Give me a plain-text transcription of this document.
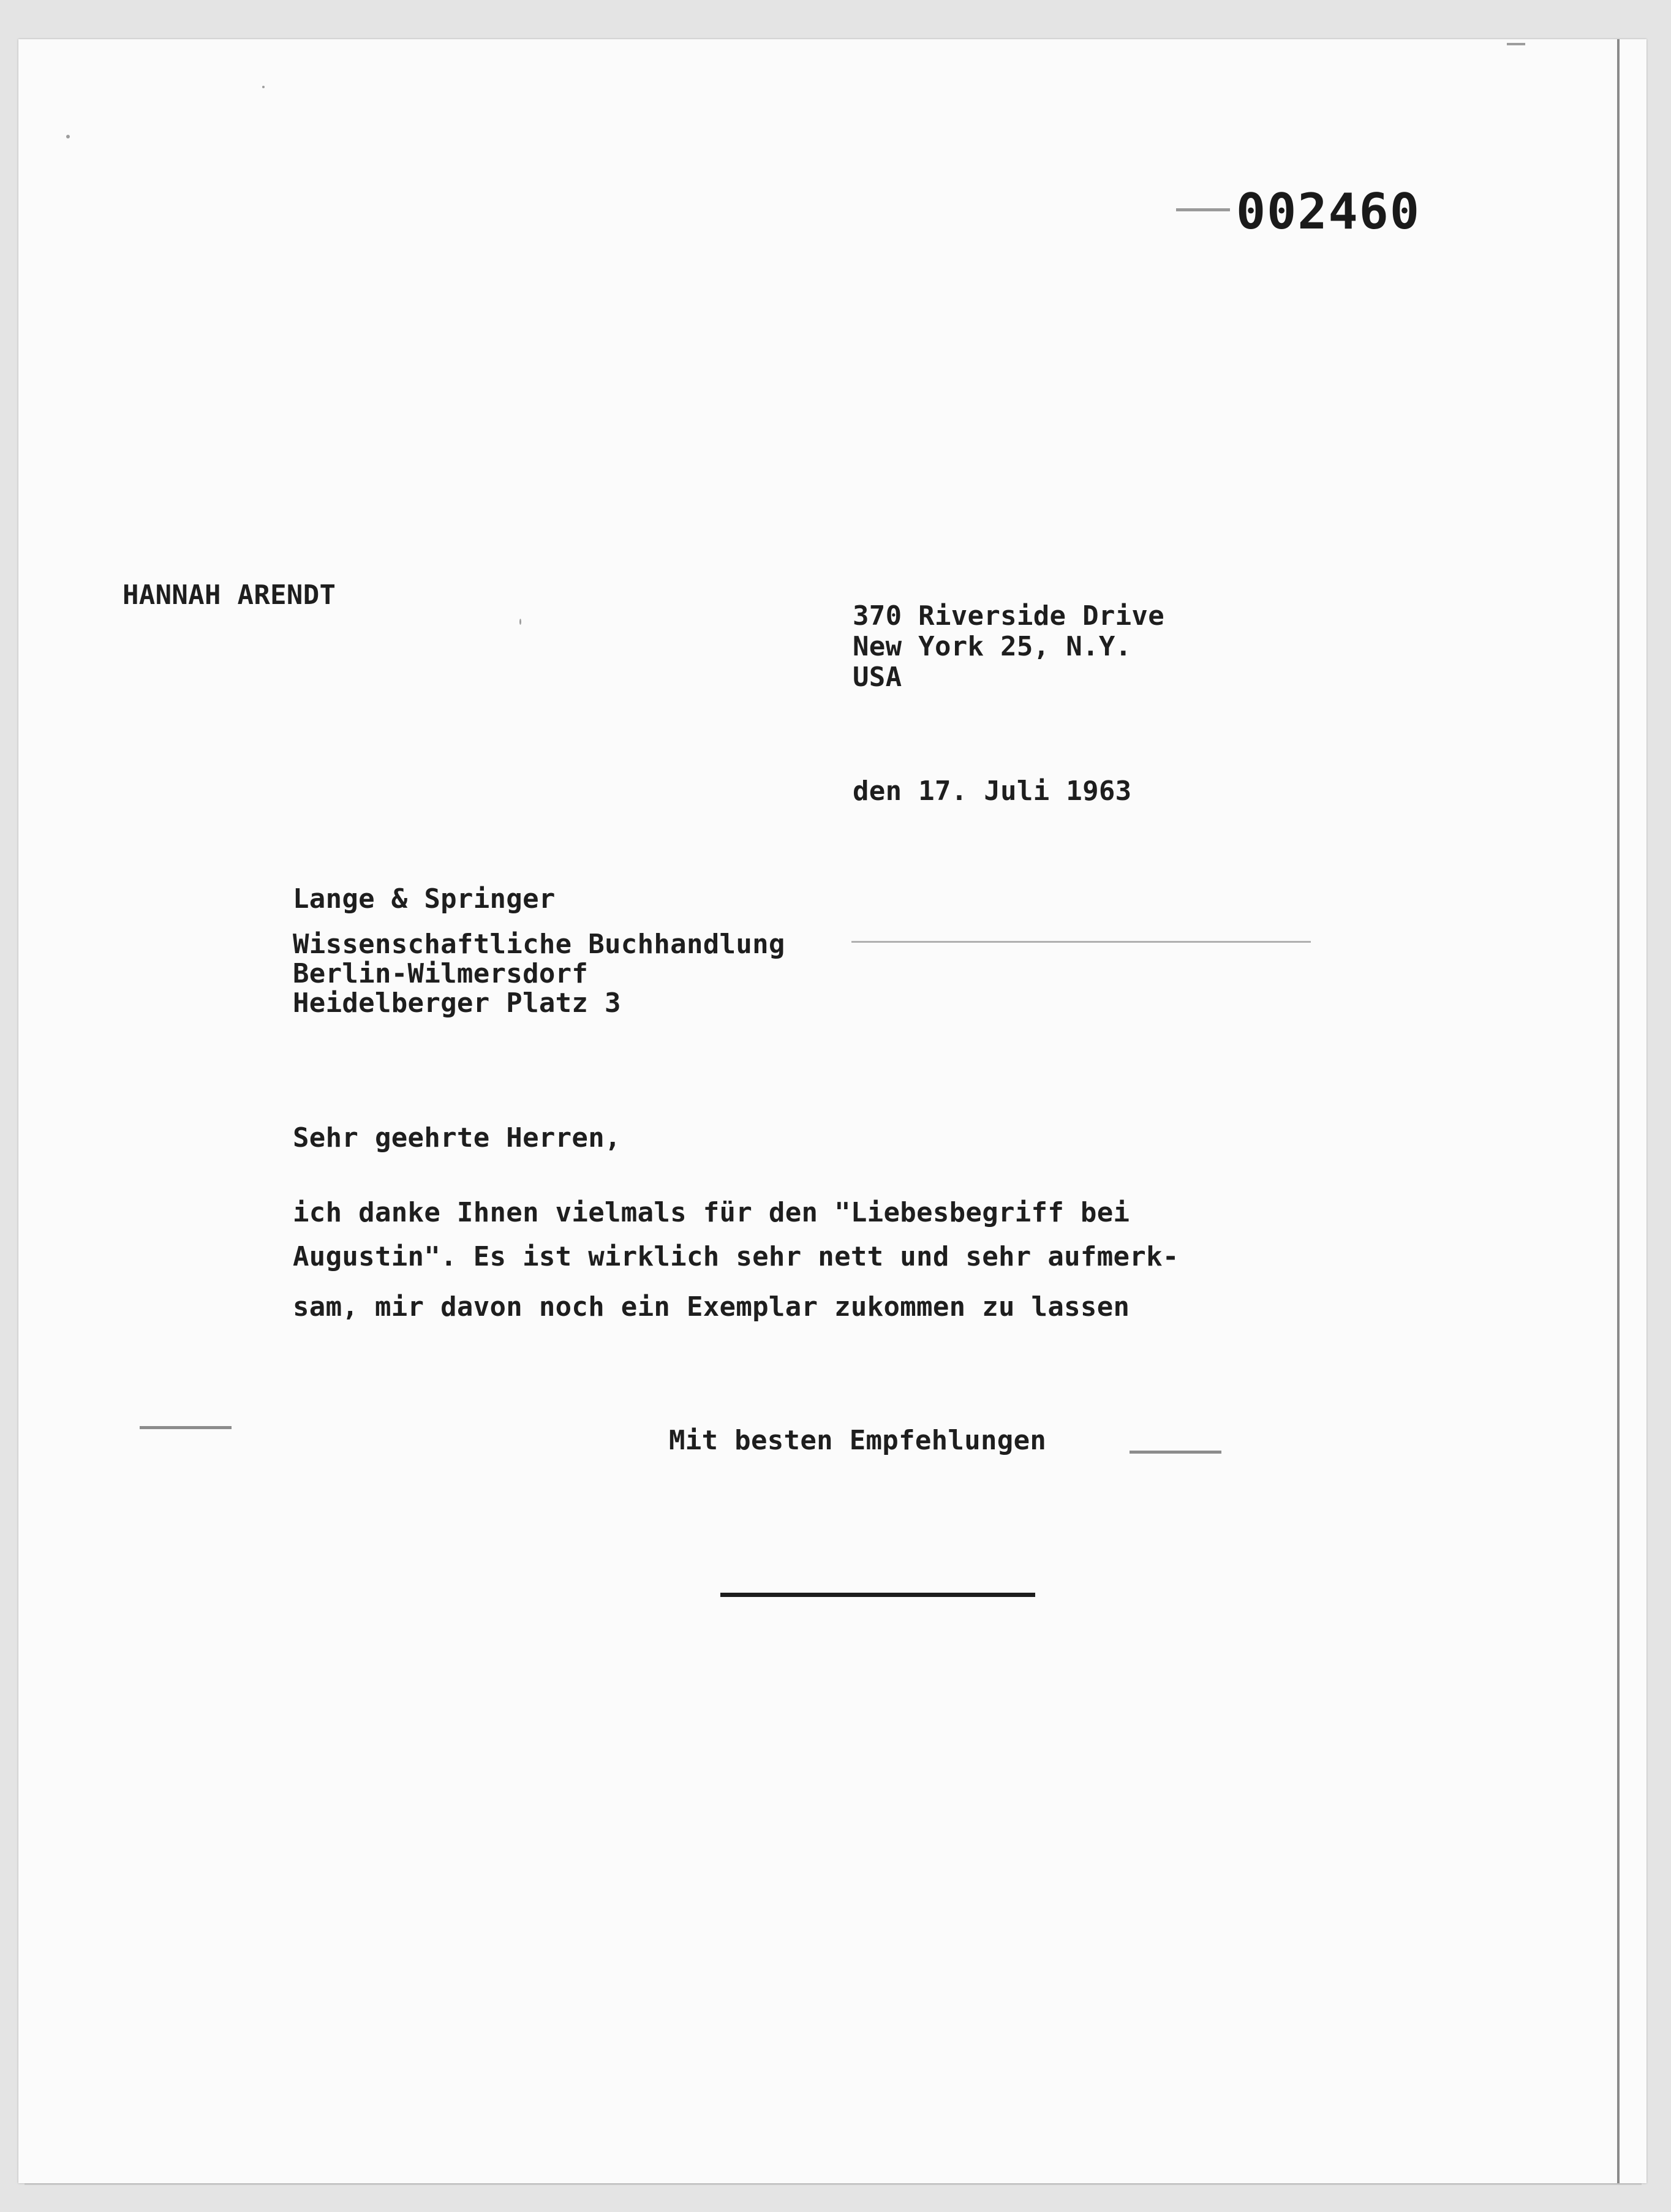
002460
HANNAH ARENDT
370 Riverside Drive
New York 25, N.Y.
USA
den 17. Juli 1963
Lange & Springer
Wissenschaftliche Buchhandlung
Berlin-Wilmersdorf
Heidelberger Platz 3
Sehr geehrte Herren,
ich danke Ihnen vielmals für den "Liebesbegriff bei
Augustin". Es ist wirklich sehr nett und sehr aufmerk-
sam, mir davon noch ein Exemplar zukommen zu lassen
Mit besten Empfehlungen
